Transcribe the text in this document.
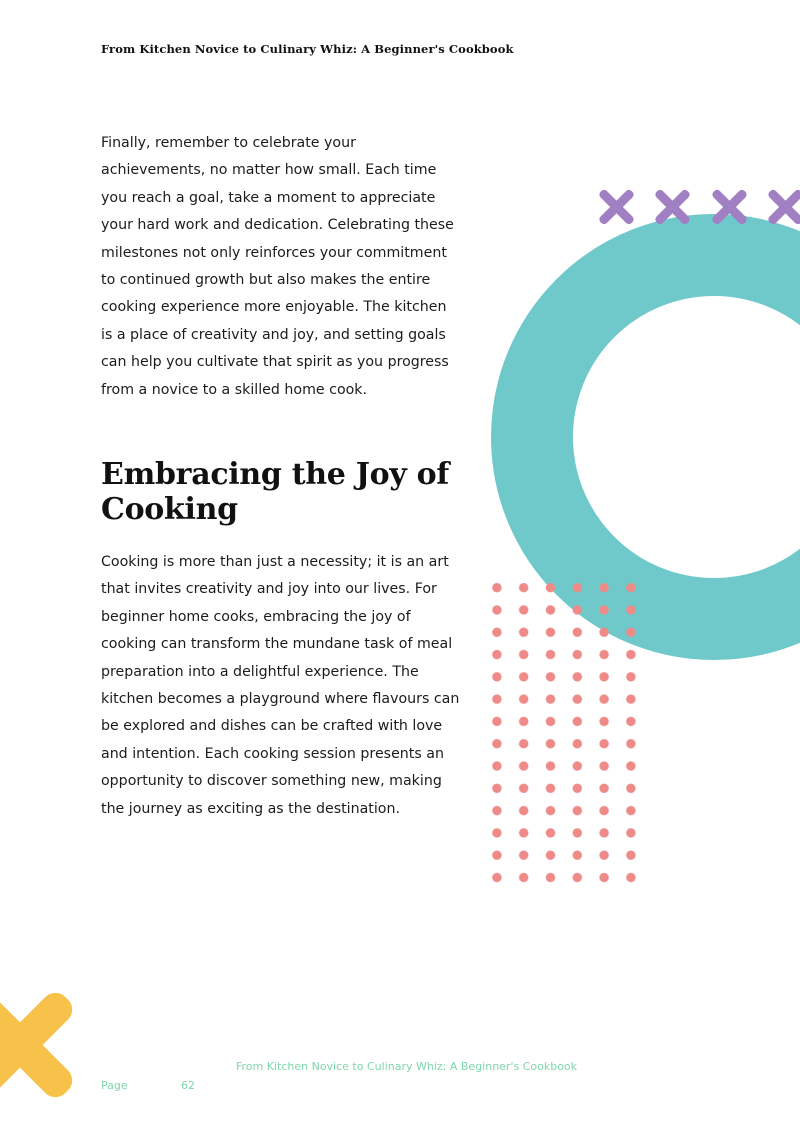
From Kitchen Novice to Culinary Whiz: A Beginner's Cookbook

Finally, remember to celebrate your achievements, no matter how small. Each time you reach a goal, take a moment to appreciate your hard work and dedication. Celebrating these milestones not only reinforces your commitment to continued growth but also makes the entire cooking experience more enjoyable. The kitchen is a place of creativity and joy, and setting goals can help you cultivate that spirit as you progress from a novice to a skilled home cook.

Embracing the Joy of Cooking

Cooking is more than just a necessity; it is an art that invites creativity and joy into our lives. For beginner home cooks, embracing the joy of cooking can transform the mundane task of meal preparation into a delightful experience. The kitchen becomes a playground where flavours can be explored and dishes can be crafted with love and intention. Each cooking session presents an opportunity to discover something new, making the journey as exciting as the destination.

From Kitchen Novice to Culinary Whiz: A Beginner's Cookbook
Page	62
